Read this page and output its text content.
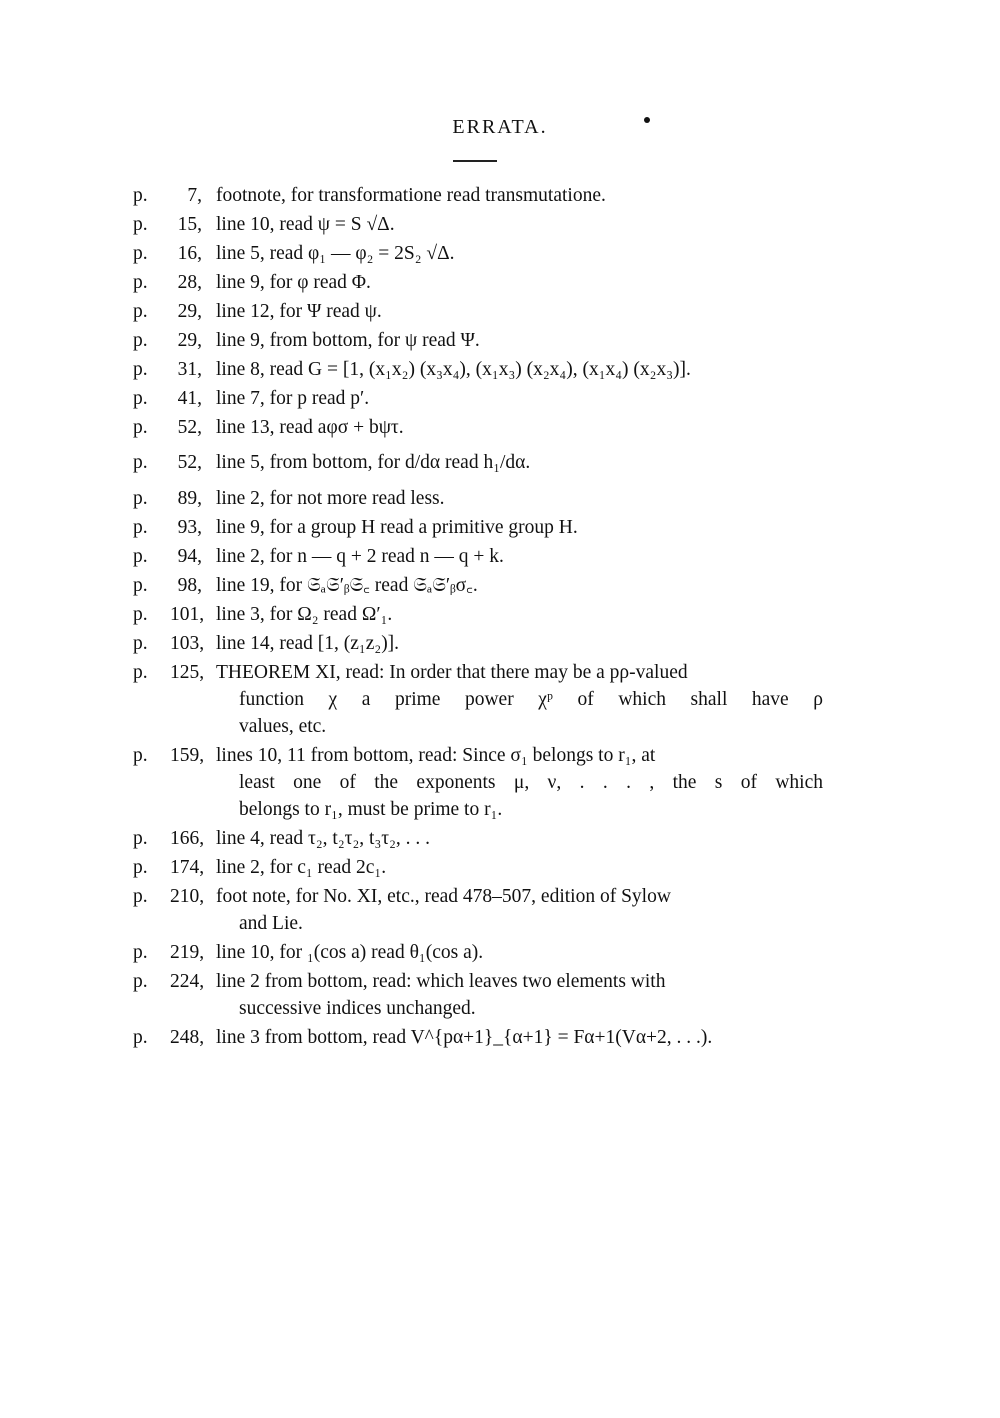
ERRATA.
p. 7, footnote, for transformatione read transmutatione.
p. 15, line 10, read ψ = S √Δ.
p. 16, line 5, read φ₁ — φ₂ = 2S₂ √Δ.
p. 28, line 9, for φ read Φ.
p. 29, line 12, for Ψ read ψ.
p. 29, line 9, from bottom, for ψ read Ψ.
p. 31, line 8, read G = [1, (x₁x₂) (x₃x₄), (x₁x₃) (x₂x₄), (x₁x₄) (x₂x₃)].
p. 41, line 7, for p read p′.
p. 52, line 13, read aφσ + bψτ.
p. 52, line 5, from bottom, for d/dα read h₁/dα.
p. 89, line 2, for not more read less.
p. 93, line 9, for a group H read a primitive group H.
p. 94, line 2, for n — q + 2 read n — q + k.
p. 98, line 19, for 𝔖ₐ𝔖′ᵦ𝔖꜀ read 𝔖ₐ𝔖′ᵦσ꜀.
p. 101, line 3, for Ω₂ read Ω′₁.
p. 103, line 14, read [1, (z₁z₂)].
p. 125, THEOREM XI, read: In order that there may be a pρ-valued
function χ a prime power χᵖ of which shall have ρ
values, etc.
p. 159, lines 10, 11 from bottom, read: Since σ₁ belongs to r₁, at
least one of the exponents μ, ν, . . . , the s of which
belongs to r₁, must be prime to r₁.
p. 166, line 4, read τ₂, t₂τ₂, t₃τ₂, . . .
p. 174, line 2, for c₁ read 2c₁.
p. 210, foot note, for No. XI, etc., read 478–507, edition of Sylow
and Lie.
p. 219, line 10, for ₁(cos a) read θ₁(cos a).
p. 224, line 2 from bottom, read: which leaves two elements with
successive indices unchanged.
p. 248, line 3 from bottom, read V^{pα+1}_{α+1} = Fα+1(Vα+2, . . .).
